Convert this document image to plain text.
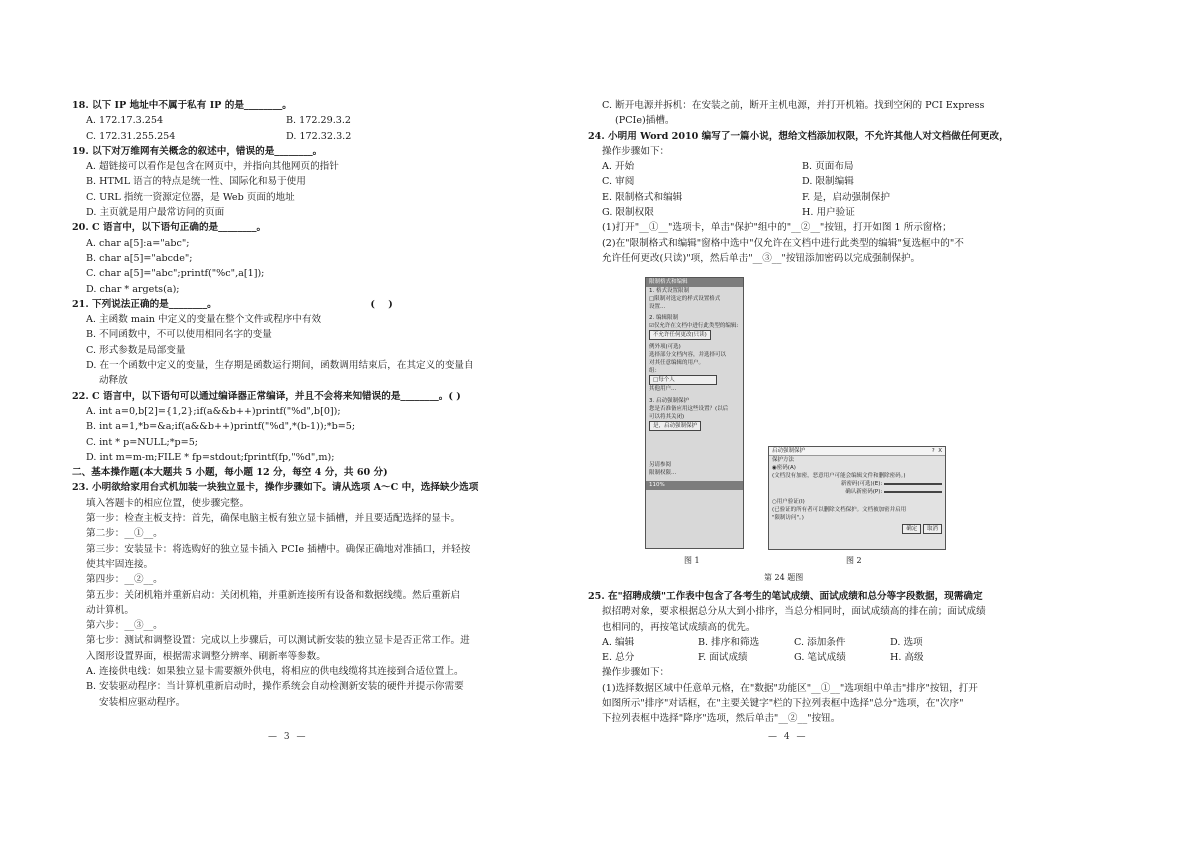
18. 以下 IP 地址中不属于私有 IP 的是________。
A. 172.17.3.254	B. 172.29.3.2
C. 172.31.255.254	D. 172.32.3.2
19. 以下对万维网有关概念的叙述中，错误的是________。
A. 超链接可以看作是包含在网页中，并指向其他网页的指针
B. HTML 语言的特点是统一性、国际化和易于使用
C. URL 指统一资源定位器，是 Web 页面的地址
D. 主页就是用户最常访问的页面
20. C 语言中，以下语句正确的是________。
A. char a[5]:a="abc";
B. char a[5]="abcde";
C. char a[5]="abc";printf("%c",a[1]);
D. char * argets(a);
21. 下列说法正确的是________。                                              (    )
A. 主函数 main 中定义的变量在整个文件或程序中有效
B. 不同函数中，不可以使用相同名字的变量
C. 形式参数是局部变量
D. 在一个函数中定义的变量，生存期是函数运行期间，函数调用结束后，在其定义的变量自
动释放
22. C 语言中，以下语句可以通过编译器正常编译，并且不会将来知错误的是________。( )
A. int a=0,b[2]={1,2};if(a&&b++)printf("%d",b[0]);
B. int a=1,*b=&a;if(a&&b++)printf("%d",*(b-1));*b=5;
C. int * p=NULL;*p=5;
D. int m=m-m;FILE * fp=stdout;fprintf(fp,"%d",m);
二、基本操作题(本大题共 5 小题，每小题 12 分，每空 4 分，共 60 分)
23. 小明欲给家用台式机加装一块独立显卡，操作步骤如下。请从选项 A～C 中，选择缺少选项
填入答题卡的相应位置，使步骤完整。
第一步：检查主板支持：首先，确保电脑主板有独立显卡插槽，并且要适配选择的显卡。
第二步：__①__。
第三步：安装显卡：将选购好的独立显卡插入 PCIe 插槽中。确保正确地对准插口，并轻按
使其牢固连接。
第四步：__②__。
第五步：关闭机箱并重新启动：关闭机箱，并重新连接所有设备和数据线缆。然后重新启
动计算机。
第六步：__③__。
第七步：测试和调整设置：完成以上步骤后，可以测试新安装的独立显卡是否正常工作。进
入图形设置界面，根据需求调整分辨率、刷新率等参数。
A. 连接供电线：如果独立显卡需要额外供电，将相应的供电线缆将其连接到合适位置上。
B. 安装驱动程序：当计算机重新启动时，操作系统会自动检测新安装的硬件并提示你需要
安装相应驱动程序。
C. 断开电源并拆机：在安装之前，断开主机电源，并打开机箱。找到空闲的 PCI Express
(PCIe)插槽。
24. 小明用 Word 2010 编写了一篇小说，想给文档添加权限，不允许其他人对文档做任何更改，
操作步骤如下：
A. 开始	B. 页面布局
C. 审阅	D. 限制编辑
E. 限制格式和编辑	F. 是，启动强制保护
G. 限制权限	H. 用户验证
(1)打开"__①__"选项卡，单击"保护"组中的"__②__"按钮，打开如图 1 所示窗格；
(2)在"限制格式和编辑"窗格中选中"仅允许在文档中进行此类型的编辑"复选框中的"不
允许任何更改(只读)"项，然后单击"__③__"按钮添加密码以完成强制保护。
限制格式和编辑
1. 格式设置限制
□限制对选定的样式设置格式
设置...
2. 编辑限制
☑仅允许在文档中进行此类型的编辑:
不允许任何更改(只读)
例外项(可选)
选择部分文档内容，并选择可以
对其任意编辑的用户。
组：
□每个人
其他用户...
3. 启动强制保护
您是否准备应用这些设置？(以后
可以将其关闭)
是，启动强制保护
另请参阅
限制权限...
110%
图 1
启动强制保护	? X
保护方法
◉密码(A)
(文档没有加密，恶意用户可能会编辑文件和删除密码。)
新密码(可选)(E):
确认新密码(P):
○用户验证(I)
(已验证的所有者可以删除文档保护。文档被加密并启用
"限制访问"。)
确定 取消
图 2
第 24 题图
25. 在"招聘成绩"工作表中包含了各考生的笔试成绩、面试成绩和总分等字段数据，现需确定
拟招聘对象，要求根据总分从大到小排序，当总分相同时，面试成绩高的排在前；面试成绩
也相同的，再按笔试成绩高的优先。
A. 编辑	B. 排序和筛选	C. 添加条件	D. 选项
E. 总分	F. 面试成绩	G. 笔试成绩	H. 高级
操作步骤如下：
(1)选择数据区域中任意单元格，在"数据"功能区"__①__"选项组中单击"排序"按钮，打开
如图所示"排序"对话框，在"主要关键字"栏的下拉列表框中选择"总分"选项，在"次序"
下拉列表框中选择"降序"选项，然后单击"__②__"按钮。
— 3 —	— 4 —
